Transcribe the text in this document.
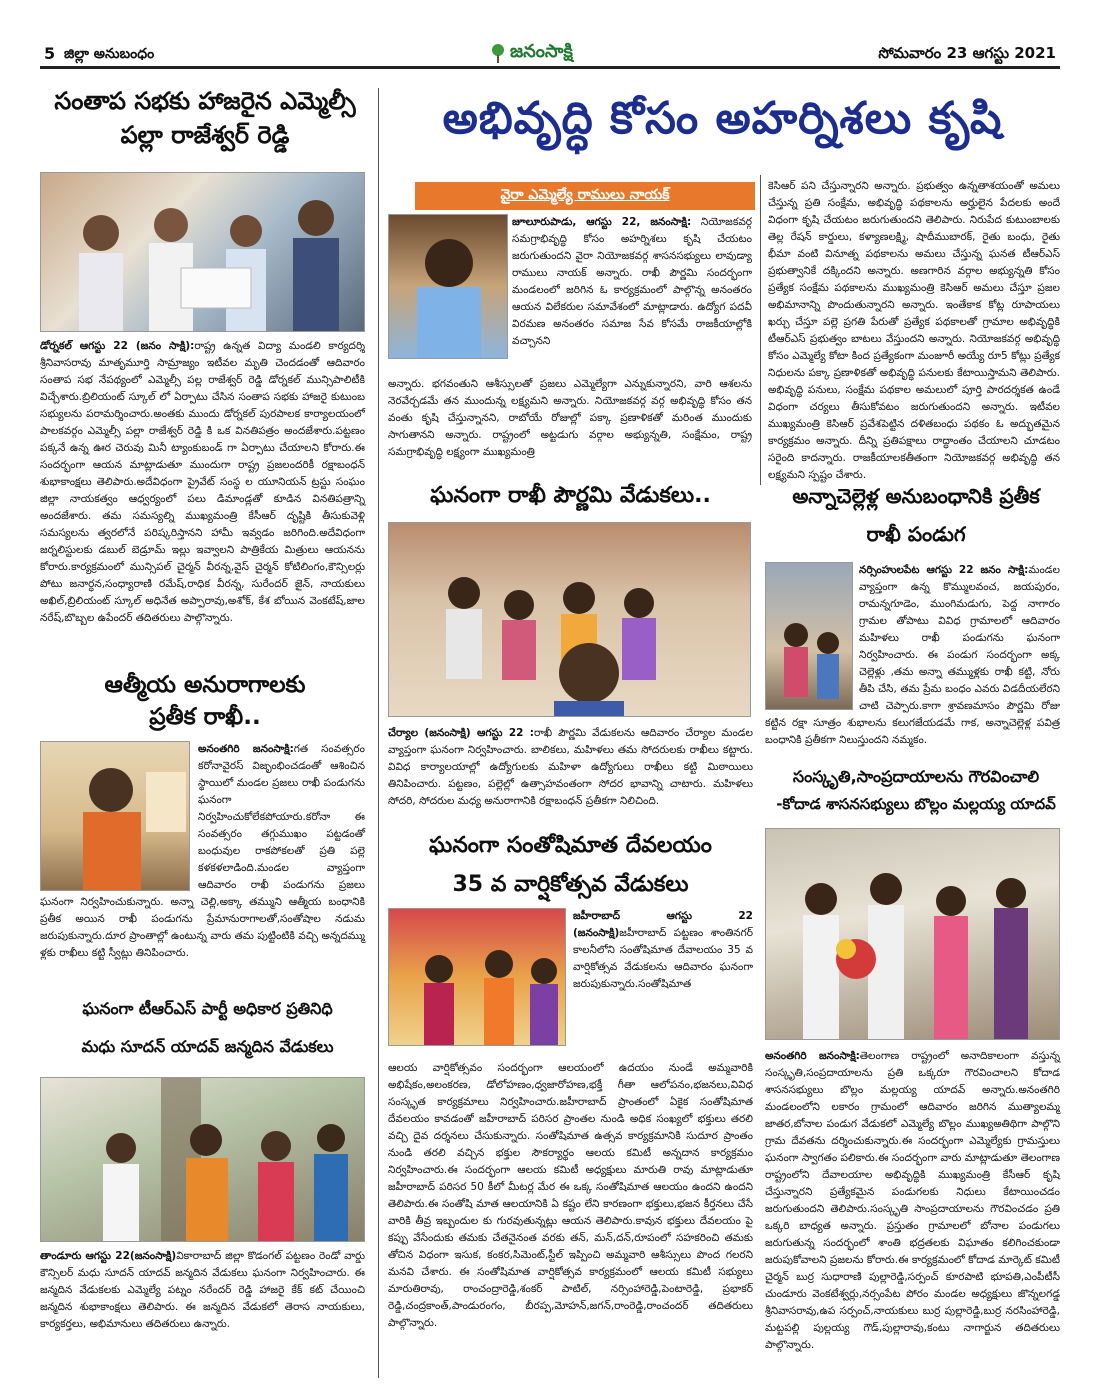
5 జిల్లా అనుబంధం	జనంసాక్షి	సోమవారం 23 ఆగస్టు 2021
సంతాప సభకు హాజరైన ఎమ్మెల్సీ
పల్లా రాజేశ్వర్ రెడ్డి
డోర్నకల్ ఆగస్టు 22 (జనం సాక్షి):రాష్ట్ర ఉన్నత విద్యా మండలి కార్యదర్శి శ్రీనివాసరావు మాతృమూర్తి సామ్రాజ్యం ఇటీవల మృతి చెందడంతో ఆదివారం సంతాప సభ నేపథ్యంలో ఎమ్మెల్సీ పల్ల రాజేశ్వర్ రెడ్డి డోర్నకల్ మున్సిపాలిటీకి విచ్చేశారు.బ్రిలియంట్ స్కూల్ లో ఏర్పాటు చేసిన సంతాప సభకు హాజరై కుటుంబ సభ్యులను పరామర్శించారు.అంతకు ముందు డోర్నకల్ పురపాలక కార్యాలయంలో పాలకవర్గం ఎమ్మెల్సీ పల్లా రాజేశ్వర్ రెడ్డి కి ఒక వినతిపత్రం అందజేశారు.పట్టణం పక్కనే ఉన్న ఊర చెరువు మినీ ట్యాంకుబండ్ గా ఏర్పాటు చేయాలని కోరారు.ఈ సందర్భంగా ఆయన మాట్లాడుతూ ముందుగా రాష్ట్ర ప్రజలందరికీ రక్షాబంధన్ శుభాకాంక్షలు తెలిపారు.అదేవిధంగా ప్రైవేట్ సంస్థ ల యూనియన్ ట్రస్టు సంఘం జిల్లా నాయకత్వం ఆధ్వర్యంలో పలు డిమాండ్లతో కూడిన వినతిపత్రాన్ని అందజేశారు. తమ సమస్యల్ని ముఖ్యమంత్రి కేసీఆర్ దృష్టికి తీసుకువెళ్లి సమస్యలను త్వరలోనే పరిష్కరిస్తానని హామీ ఇవ్వడం జరిగింది.అదేవిధంగా జర్నలిస్టులకు డబుల్ బెడ్రూమ్ ఇల్లు ఇవ్వాలని పాత్రికేయ మిత్రులు ఆయనను కోరారు.కార్యక్రమంలో మున్సిపల్ చైర్మన్ వీరన్న,వైస్ చైర్మన్ కోటిలింగం,కౌన్సిలర్లు పోటు జనార్ధన,సంధ్యారాణి రమేష్,రాధిక వీరన్న, సురేందర్ జైన్, నాయకులు అఖిల్,బ్రిలియంట్ స్కూల్ అధినేత అప్పారావు,అశోక్, కేశ బోయిన వెంకటేష్,జాల నరేష్,బొబ్బల ఉపేందర్ తదితరులు పాల్గొన్నారు.
ఆత్మీయ అనురాగాలకు
ప్రతీక రాఖీ..
అనంతగిరి జనంసాక్షి:గత సంవత్సరం కరోనావైరస్ విజృంభించడంతో ఆశించిన స్థాయిలో మండల ప్రజలు రాఖీ పండుగను ఘనంగా నిర్వహించుకోలేకపోయారు.కరోనా ఈ సంవత్సరం తగ్గుముఖం పట్టడంతో బంధువుల రాకపోకలతో ప్రతి పల్లె కళకళలాడింది.మండల వ్యాప్తంగా ఆదివారం రాఖీ పండుగను ప్రజలు ఘనంగా నిర్వహించుకున్నారు. అన్నా చెల్లి,అక్కా తమ్ముని ఆత్మీయ బంధానికి ప్రతీక అయిన రాఖీ పండుగను ప్రేమానురాగాలతో,సంతోషాల నడుమ జరుపుకున్నారు.దూర ప్రాంతాల్లో ఉంటున్న వారు తమ పుట్టింటికి వచ్చి అన్నదమ్ము ళ్లకు రాఖీలు కట్టి స్వీట్లు తినిపించారు.
ఘనంగా టీఆర్ఎస్ పార్టీ అధికార ప్రతినిధి
మధు సూదన్ యాదవ్ జన్మదిన వేడుకలు
తాండూరు ఆగస్టు 22(జనంసాక్షి)వికారాబాద్ జిల్లా కొడంగల్ పట్టణం రెండో వార్డు కౌన్సిలర్ మధు సూదన్ యాదవ్ జన్మదిన వేడుకలు ఘనంగా నిర్వహించారు. ఈ జన్మదిన వేడుకలకు ఎమ్మెల్యే పట్నం నరేందర్ రెడ్డి హాజరై కేక్ కట్ చేయించి జన్మదిన శుభాకాంక్షలు తెలిపారు. ఈ జన్మదిన వేడుకలో తెరాస నాయకులు, కార్యకర్తలు, అభిమానులు తదితరులు ఉన్నారు.
అభివృద్ధి కోసం అహర్నిశలు కృషి
వైరా ఎమ్మెల్యే రాములు నాయక్
జూలూరుపాడు, ఆగస్టు 22, జనంసాక్షి: నియోజకవర్గ సమగ్రాభివృద్ధి కోసం అహర్నిశలు కృషి చేయటం జరుగుతుందని వైరా నియోజకవర్గ శాసనసభ్యులు లావుడ్యా రాములు నాయక్ అన్నారు. రాఖీ పౌర్ణమి సందర్భంగా మండలంలో జరిగిన ఓ కార్యక్రమంలో పాల్గొన్న అనంతరం ఆయన విలేకరుల సమావేశంలో మాట్లాడారు. ఉద్యోగ పదవీ విరమణ అనంతరం సమాజ సేవ కోసమే రాజకీయాల్లోకి వచ్చానని
అన్నారు. భగవంతుని ఆశీస్సులతో ప్రజలు ఎమ్మెల్యేగా ఎన్నుకున్నారని, వారి ఆశలను నెరవేర్చడమే తన ముందున్న లక్ష్యమని అన్నారు. నియోజకవర్గ వర్గ అభివృద్ధి కోసం తన వంతు కృషి చేస్తున్నానని, రాబోయే రోజుల్లో పక్కా ప్రణాళికతో మరింత ముందుకు సాగుతానని అన్నారు. రాష్ట్రంలో అట్టడుగు వర్గాల అభ్యున్నతి, సంక్షేమం, రాష్ట్ర సమగ్రాభివృద్ధి లక్ష్యంగా ముఖ్యమంత్రి
కెసిఆర్ పని చేస్తున్నారని అన్నారు. ప్రభుత్వం ఉన్నతాశయంతో అమలు చేస్తున్న ప్రతి సంక్షేమ, అభివృద్ధి పథకాలను అర్హులైన పేదలకు అందే విధంగా కృషి చేయటం జరుగుతుందని తెలిపారు. నిరుపేద కుటుంబాలకు తెల్ల రేషన్ కార్డులు, కళ్యాణలక్ష్మి, షాదీముబారక్, రైతు బంధు, రైతు భీమా వంటి వినూత్న పథకాలను అమలు చేస్తున్న ఘనత టీఆర్ఎస్ ప్రభుత్వానికే దక్కిందని అన్నారు. అణగారిన వర్గాల అభ్యున్నతి కోసం ప్రత్యేక సంక్షేమ పథకాలను ముఖ్యమంత్రి కెసిఆర్ అమలు చేస్తూ ప్రజల అభిమానాన్ని పొందుతున్నారని అన్నారు. ఇంతేకాక కోట్ల రూపాయలు ఖర్చు చేస్తూ పల్లె ప్రగతి పేరుతో ప్రత్యేక పథకాలతో గ్రామాల అభివృద్ధికి టీఆర్ఎస్ ప్రభుత్వం బాటలు వేస్తుందని అన్నారు. నియోజకవర్గ అభివృద్ధి కోసం ఎమ్మెల్యే కోటా కింద ప్రత్యేకంగా మంజూరీ అయ్యే రూ5 కోట్లు ప్రత్యేక నిధులను పక్కా ప్రణాళికతో అభివృద్ధి పనులకు కేటాయిస్తామని తెలిపారు. అభివృద్ధి పనులు, సంక్షేమ పథకాల అమలులో పూర్తి పారదర్శకత ఉండే విధంగా చర్యలు తీసుకోవటం జరుగుతుందని అన్నారు. ఇటీవల ముఖ్యమంత్రి కెసిఆర్ ప్రవేశపెట్టిన దళితబంధు పథకం ఓ అద్భుతమైన కార్యక్రమం అన్నారు. దీన్ని ప్రతిపక్షాలు రాద్ధాంతం చేయాలని చూడటం సరైంది కాదన్నారు. రాజకీయాలకతీతంగా నియోజకవర్గ అభివృద్ధి తన లక్ష్యమని స్పష్టం చేశారు.
ఘనంగా రాఖీ పౌర్ణమి వేడుకలు..
చేర్యాల (జనంసాక్షి) ఆగస్టు 22 :రాఖీ పౌర్ణమి వేడుకలను ఆదివారం చేర్యాల మండల వ్యాప్తంగా ఘనంగా నిర్వహించారు. బాలికలు, మహిళలు తమ సోదరులకు రాఖీలు కట్టారు. వివిధ కార్యాలయాల్లో ఉద్యోగులకు మహిళా ఉద్యోగులు రాఖీలు కట్టి మిఠాయిలు తినిపించారు. పట్టణం, పల్లెల్లో ఉత్సాహవంతంగా సోదర భావాన్ని చాటారు. మహిళలు సోదరి, సోదరుల మధ్య అనురాగానికి రక్షాబంధన్ ప్రతీకగా నిలిచింది.
ఘనంగా సంతోషిమాత దేవలయం
35 వ వార్షికోత్సవ వేడుకలు
జహీరాబాద్ ఆగస్టు 22 (జనంసాక్షి)జహీరాబాద్ పట్టణం శాంతినగర్ కాలనీలోని సంతోషిమాత దేవాలయం 35 వ వార్షికోత్సవ వేడుకలను ఆదివారం ఘనంగా జరుపుకున్నారు.సంతోషిమాత
ఆలయ వార్షికోత్సవం సందర్భంగా ఆలయంలో ఉదయం నుండే అమ్మవారికి అభిషేకం,అలంకరణ, డోలోహణం,ధ్వజారోహణ,భక్తీ గీతా ఆలోపనం,భజనలు,వివిధ సంస్కృత కార్యక్రమాలు నిర్వహించారు.జహీరాబాద్ ప్రాంతంలో ఏకైక సంతోషిమాత దేవలయం కావడంతో జహీరాబాద్ పరిసర ప్రాంతల నుండి అధిక సంఖ్యలో భక్తులు తరలి వచ్చి దైవ దర్శనలు చేసుకున్నారు. సంతోషిమాత ఉత్సవ కార్యక్రమానికి సుదూర ప్రాంతం నుండి తరలి వచ్చిన భక్తుల సౌకర్యార్థం ఆలయ కమిటీ అన్నదాన కార్యక్రమం నిర్వహించారు.ఈ సందర్భంగా ఆలయ కమిటీ అధ్యక్షులు మారుతి రావు మాట్లాడుతూ జహీరాబాద్ పరిసర 50 కీలో మీటర్ల మేర ఈ ఒక్క సంతోషిమాత ఆలయం ఉందని ఉందని తెలిపారు.ఈ సంతోషి మాత ఆలయానికి ఏ కష్టం లేని కారణంగా భక్తులు,భజన కీర్తనలు చేసే వారికి తీవ్ర ఇబ్బందుల కు గురవుతున్నట్లు ఆయన తెలిపారు.కావున భక్తులు దేవలయం పై కప్పు వేసేందుకు తమకు చేతనైనంత వరకు తన్, మన్,దన్,రూపంలో సహకరించి తమకు తోచిన విధంగా ఇసుక, కంకర,సిమెంట్,స్టీల్ ఇప్పించి అమ్మవారి ఆశీస్సులు పొంద గలరని మనవి చేశారు. ఈ సంతోషిమాత వార్షికోత్సవ కార్యక్రమంలో ఆలయ కమిటీ సభ్యులు మారుతిరావు, రాంచంద్రారెడ్డి,శంకర్ పాటిల్, నర్సింహారెడ్డి,పెంటారెడ్డి, ప్రభాకర్ రెడ్డి,చంద్రకాంత్,పాండురంగం, బీరప్ప,మోహన్,జగన్,రాంరెడ్డి,రాంచందర్ తదితరులు పాల్గొన్నారు.
అన్నాచెల్లెళ్ల అనుబంధానికి ప్రతీక
రాఖీ పండుగ
నర్సింహులపేట ఆగస్టు 22 జనం సాక్షి:మండల వ్యాప్తంగా ఉన్న కొమ్ములవంచ, జయపురం, రామన్నగూడెం, ముంగిమడుగు, పెద్ద నాగారం గ్రామల తోపాటు వివిధ గ్రామాలలో ఆదివారం మహిళలు రాఖీ పండుగను ఘనంగా నిర్వహించారు. ఈ పండుగ సందర్భంగా అక్క చెల్లెళ్లు ,తమ అన్నా తమ్ముళ్లకు రాఖీ కట్టి, నోరు తీపి చేసి, తమ ప్రేమ బంధం ఎవరు విడదీయలేరని చాటి చెప్పారు.కాగా శ్రావణమాసం పౌర్ణమి రోజు కట్టిన రక్షా సూత్రం శుభాలను కలుగజేయడమే గాక, అన్నాచెల్లెళ్ల పవిత్ర బంధానికి ప్రతీకగా నిలుస్తుందని నమ్మకం.
సంస్కృతి,సాంప్రదాయాలను గౌరవించాలి
-కోదాడ శాసనసభ్యులు బొల్లం మల్లయ్య యాదవ్
అనంతగిరి జనంసాక్షి:తెలంగాణ రాష్ట్రంలో అనాదికాలంగా వస్తున్న సంస్కృతి,సంప్రదాయాలను ప్రతి ఒక్కరూ గౌరవించాలని కోదాడ శాసనసభ్యులు బొల్లం మల్లయ్య యాదవ్ అన్నారు.అనంతగిరి మండలంలోని లకారం గ్రామంలో ఆదివారం జరిగిన ముత్యాలమ్మ జాతర,బోనాల పండుగ వేడుకలో ఎమ్మెల్యే బొల్లం ముఖ్యఅతిథిగా పాల్గొని గ్రామ దేవతను దర్శించుకున్నారు.ఈ సందర్భంగా ఎమ్మెల్యేకు గ్రామస్తులు ఘనంగా స్వాగతం పలికారు.ఈ సందర్భంగా వారు మాట్లాడుతూ తెలంగాణ రాష్ట్రంలోని దేవాలయాల అభివృద్ధికి ముఖ్యమంత్రి కేసీఆర్ కృషి చేస్తున్నారని ప్రత్యేకమైన పండుగలకు నిధులు కేటాయించడం జరుగుతుందని తెలిపారు.సంస్కృతి సాంప్రదాయాలను గౌరవించడం ప్రతి ఒక్కరి బాధ్యత అన్నారు. ప్రస్తుతం గ్రామాలలో బోనాల పండుగలు జరుగుతున్న సందర్భంలో శాంతి భద్రతలకు విఘాతం కలిగించకుండా జరుపుకోవాలని ప్రజలను కోరారు.ఈ కార్యక్రమంలో కోదాడ మార్కెట్ కమిటీ చైర్మన్ బుర్ర సుధారాణి పుల్లారెడ్డి,సర్పంచ్ కూరపాటి భూపతి,ఎంపీటీసీ చుండూరు వెంకటేశ్వర్లు,నర్సంపేట పోరం మండల అధ్యక్షులు జొన్నలగడ్డ శ్రీనివాసరావు,ఉప సర్పంచ్,నాయకులు బుర్ర పుల్లారెడ్డి,బుర్ర నరసింహారెడ్డి, మట్టపల్లి పుల్లయ్య గౌడ్,పుల్లారావు,కంటు నాగార్జున తదితరులు పాల్గొన్నారు.
